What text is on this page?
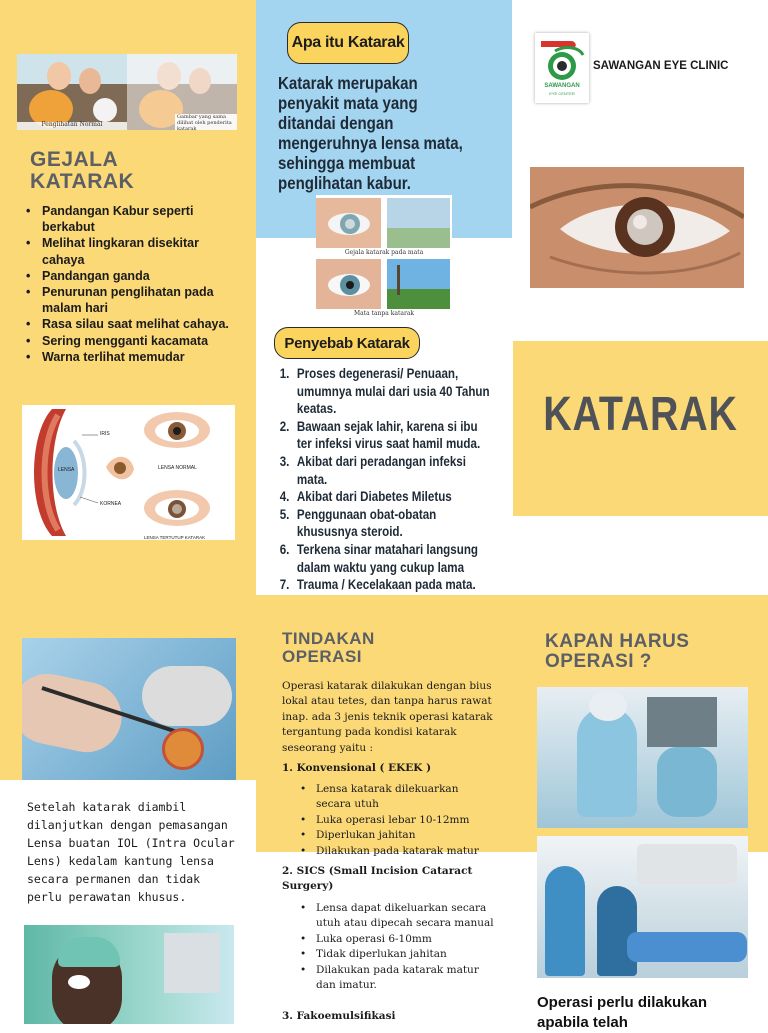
Penglihatan Normal
Gambar yang sama dilihat oleh penderita katarak
GEJALA
KATARAK
• Pandangan Kabur seperti berkabut
• Melihat lingkaran disekitar cahaya
• Pandangan ganda
• Penurunan penglihatan pada malam hari
• Rasa silau saat melihat cahaya.
• Sering mengganti kacamata
• Warna terlihat memudar
IRIS
LENSA
KORNEA
LENSA NORMAL
LENSA TERTUTUP KATARAK
Apa itu Katarak
Katarak merupakan penyakit mata yang ditandai dengan mengeruhnya lensa mata, sehingga membuat penglihatan kabur.
Gejala katarak pada mata
Mata tanpa katarak
Penyebab Katarak
1. Proses degenerasi/ Penuaan, umumnya mulai dari usia 40 Tahun keatas.
2. Bawaan sejak lahir, karena si ibu ter infeksi virus saat hamil muda.
3. Akibat dari peradangan infeksi mata.
4. Akibat dari Diabetes Miletus
5. Penggunaan obat-obatan khususnya steroid.
6. Terkena sinar matahari langsung dalam waktu yang cukup lama
7. Trauma / Kecelakaan pada mata.
SAWANGAN
EYE CENTER
SAWANGAN EYE CLINIC
KATARAK
Setelah katarak diambil dilanjutkan dengan pemasangan Lensa buatan IOL (Intra Ocular Lens) kedalam kantung lensa secara permanen dan tidak perlu perawatan khusus.
TINDAKAN
OPERASI
Operasi katarak dilakukan dengan bius lokal atau tetes, dan tanpa harus rawat inap. ada 3 jenis teknik operasi katarak tergantung pada kondisi katarak seseorang yaitu :
1. Konvensional ( EKEK )
• Lensa katarak dilekuarkan secara utuh
• Luka operasi lebar 10-12mm
• Diperlukan jahitan
• Dilakukan pada katarak matur
2. SICS (Small Incision Cataract Surgery)
• Lensa dapat dikeluarkan secara utuh atau dipecah secara manual
• Luka operasi 6-10mm
• Tidak diperlukan jahitan
• Dilakukan pada katarak matur dan imatur.
3. Fakoemulsifikasi
KAPAN HARUS
OPERASI ?
Operasi perlu dilakukan apabila telah
